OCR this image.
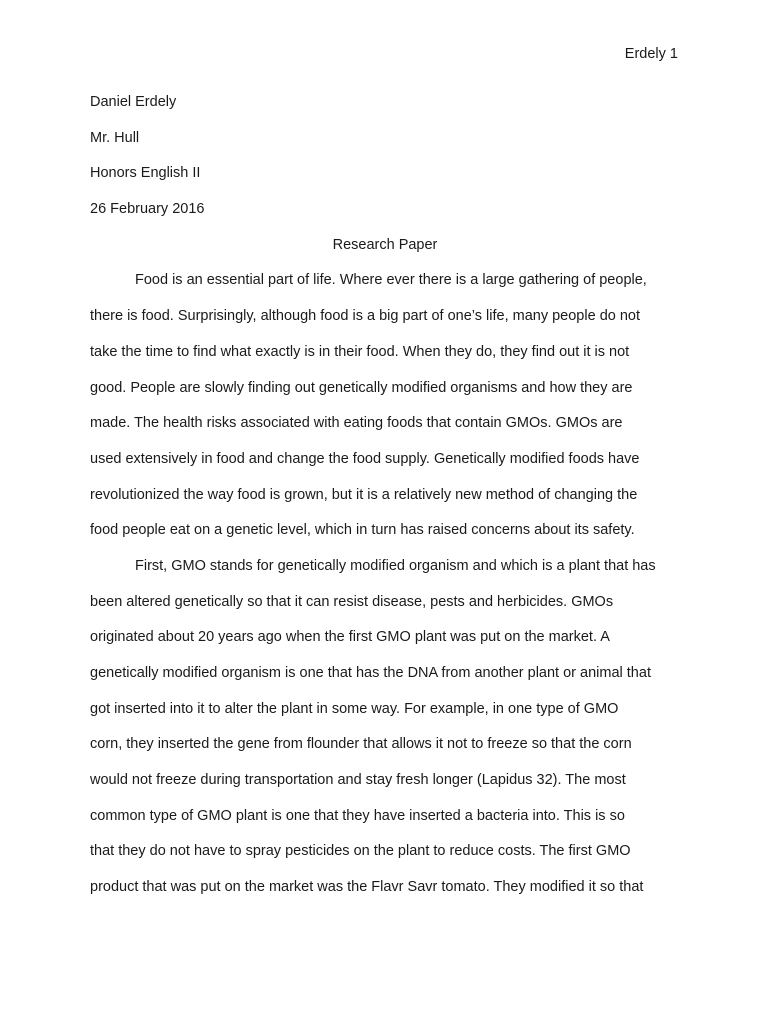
Erdely 1
Daniel Erdely
Mr. Hull
Honors English II
26 February 2016
Research Paper
Food is an essential part of life. Where ever there is a large gathering of people,
there is food. Surprisingly, although food is a big part of one’s life, many people do not
take the time to find what exactly is in their food. When they do, they find out it is not
good. People are slowly finding out genetically modified organisms and how they are
made. The health risks associated with eating foods that contain GMOs. GMOs are
used extensively in food and change the food supply. Genetically modified foods have
revolutionized the way food is grown, but it is a relatively new method of changing the
food people eat on a genetic level, which in turn has raised concerns about its safety.
First, GMO stands for genetically modified organism and which is a plant that has
been altered genetically so that it can resist disease, pests and herbicides. GMOs
originated about 20 years ago when the first GMO plant was put on the market. A
genetically modified organism is one that has the DNA from another plant or animal that
got inserted into it to alter the plant in some way. For example, in one type of GMO
corn, they inserted the gene from flounder that allows it not to freeze so that the corn
would not freeze during transportation and stay fresh longer (Lapidus 32). The most
common type of GMO plant is one that they have inserted a bacteria into. This is so
that they do not have to spray pesticides on the plant to reduce costs. The first GMO
product that was put on the market was the Flavr Savr tomato. They modified it so that
